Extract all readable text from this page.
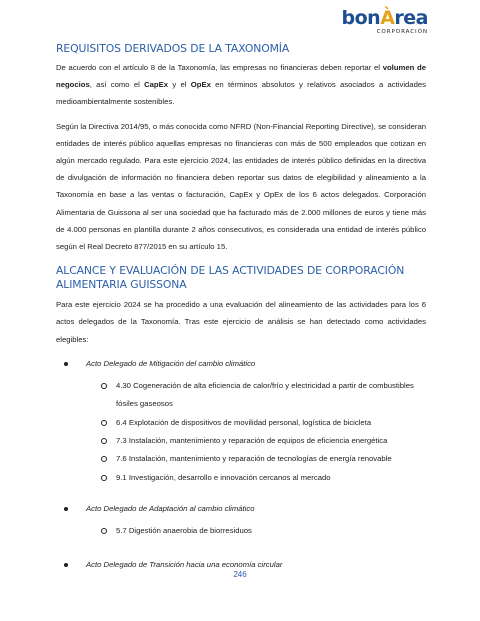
bonÀrea
CORPORACIÓN
REQUISITOS DERIVADOS DE LA TAXONOMÍA

De acuerdo con el artículo 8 de la Taxonomía, las empresas no financieras deben reportar el volumen de negocios, así como el CapEx y el OpEx en términos absolutos y relativos asociados a actividades medioambientalmente sostenibles.

Según la Directiva 2014/95, o más conocida como NFRD (Non-Financial Reporting Directive), se consideran entidades de interés público aquellas empresas no financieras con más de 500 empleados que cotizan en algún mercado regulado. Para este ejercicio 2024, las entidades de interés público definidas en la directiva de divulgación de información no financiera deben reportar sus datos de elegibilidad y alineamiento a la Taxonomía en base a las ventas o facturación, CapEx y OpEx de los 6 actos delegados. Corporación Alimentaria de Guissona al ser una sociedad que ha facturado más de 2.000 millones de euros y tiene más de 4.000 personas en plantilla durante 2 años consecutivos, es considerada una entidad de interés público según el Real Decreto 877/2015 en su artículo 15.

ALCANCE Y EVALUACIÓN DE LAS ACTIVIDADES DE CORPORACIÓN ALIMENTARIA GUISSONA

Para este ejercicio 2024 se ha procedido a una evaluación del alineamiento de las actividades para los 6 actos delegados de la Taxonomía. Tras este ejercicio de análisis se han detectado como actividades elegibles:

Acto Delegado de Mitigación del cambio climático
4.30 Cogeneración de alta eficiencia de calor/frío y electricidad a partir de combustibles fósiles gaseosos
6.4 Explotación de dispositivos de movilidad personal, logística de bicicleta
7.3 Instalación, mantenimiento y reparación de equipos de eficiencia energética
7.6 Instalación, mantenimiento y reparación de tecnologías de energía renovable
9.1 Investigación, desarrollo e innovación cercanos al mercado
Acto Delegado de Adaptación al cambio climático
5.7 Digestión anaerobia de biorresiduos
Acto Delegado de Transición hacia una economía circular
246
